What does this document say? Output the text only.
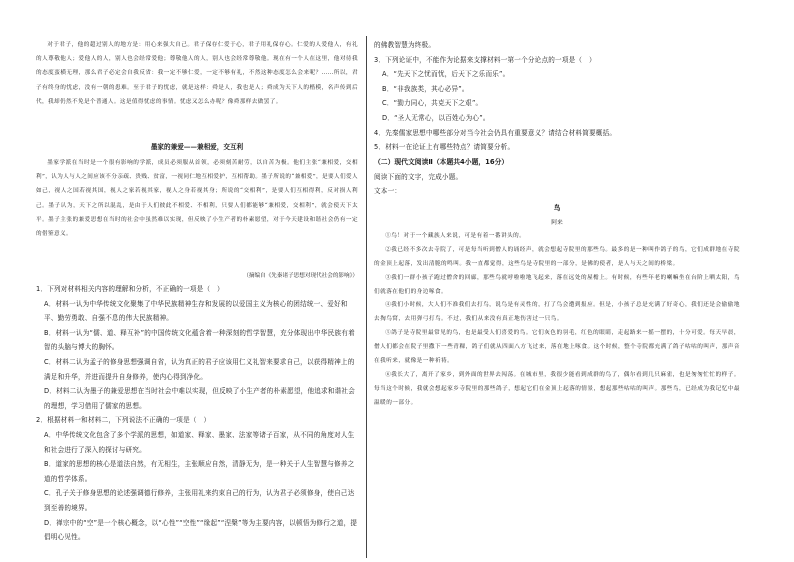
对于君子，他的超过别人的地方是：用心来强大自己。君子保存仁爱于心，君子用礼保存心。仁爱的人爱他人，有礼的人尊敬他人；爱他人的人，别人也会经常爱他；尊敬他人的人，别人也会经常尊敬他。现在有一个人在这里，他对待我的态度蛮横无理，那么君子必定会自我反省：我一定不够仁爱，一定不够有礼，不然这种态度怎么会来呢？……所以，君子有终身的忧虑，没有一朝的患难。至于君子的忧虑，就是这样：舜是人，我也是人；舜成为天下人的楷模，名声传到后代，我却仍然不免是个普通人。这是值得忧虑的事情。忧虑又怎么办呢？像舜那样去做罢了。

墨家的兼爱——兼相爱，交互利

墨家学派在当时是一个很有影响的学派，成员必须服从首领，必须刻苦耐劳，以自苦为极。他们主张“兼相爱，交相利”，认为人与人之间应该不分亲疏、贵贱、贫富，一视同仁地互相爱护，互相帮助。墨子所说的“兼相爱”，是要人们爱人如己，视人之国若视其国，视人之家若视其家，视人之身若视其身；所说的“交相利”，是要人们互相得利，反对损人利己。墨子认为，天下之所以混乱，是由于人们彼此不相爱、不相利，只要人们都能够“兼相爱，交相利”，就会使天下太平。墨子主张的兼爱思想在当时的社会中虽然难以实现，但反映了小生产者的朴素愿望，对于今天建设和谐社会仍有一定的借鉴意义。

（摘编自《先秦诸子思想对现代社会的影响》）

1．下列对材料相关内容的理解和分析，不正确的一项是（　）

A．材料一认为中华传统文化聚集了中华民族精神生存和发展的以爱国主义为核心的团结统一、爱好和平、勤劳勇敢、自强不息的伟大民族精神。

B．材料一认为“儒、道、释互补”的中国传统文化蕴含着一种深刻的哲学智慧，充分体现出中华民族有着智的头脑与博大的胸怀。

C．材料二认为孟子的修身思想强调自省，认为真正的君子应该用仁义礼智来要求自己，以获得精神上的满足和升华，并进而提升自身修养，使内心得到净化。

D．材料二认为墨子的兼爱思想在当时社会中难以实现，但反映了小生产者的朴素愿望，他追求和谐社会的理想，学习借用了儒家的思想。

2．根据材料一和材料二，下列说法不正确的一项是（　）

A．中华传统文化包含了多个学派的思想，如道家、释家、墨家、法家等诸子百家，从不同的角度对人生和社会进行了深入的探讨与研究。

B．道家的思想的核心是道法自然，有无相生，主张顺应自然，清静无为，是一种关于人生智慧与修养之道的哲学体系。

C．孔子关于修身思想的论述强调德行修养，主张用礼来约束自己的行为，认为君子必须修身，使自己达到至善的境界。

D．禅宗中的“空”是一个核心概念，以“心性”“空性”“缘起”“涅槃”等为主要内容，以顿悟为修行之道，提倡明心见性。

的佛教智慧为终极。

3．下列论证中，不能作为论据来支撑材料一第一个分论点的一项是（　）

A．“先天下之忧而忧，后天下之乐而乐”。

B．“非我族类，其心必异”。

C．“勠力同心，共克天下之艰”。

D．“圣人无常心，以百姓心为心”。

4．先秦儒家思想中哪些部分对当今社会仍具有重要意义？请结合材料简要概括。

5．材料一在论证上有哪些特点？请简要分析。

（二）现代文阅读Ⅱ（本题共4小题，16分）

阅读下面的文字，完成小题。

文本一：

鸟

阿来

①鸟！对于一个藏族人来说，可是有着一番讲头的。

②我已经不多次去寺院了，可是每当听到僧人的诵经声，就会想起寺院里的那些鸟。最多的是一种叫作鸽子的鸟，它们成群地在寺院的金顶上起落，发出清脆的鸣叫。我一直都觉得，这些鸟是寺院里的一部分，是佛的使者，是人与天之间的桥梁。

③我们一群小孩子跑过僧舍的回廊，那些鸟就呼啦啦地飞起来，落在远处的屋檐上。有时候，有些年老的喇嘛坐在台阶上晒太阳，鸟们就落在他们的身边啄食。

④我们小时候，大人们不准我们去打鸟，说鸟是有灵性的，打了鸟会遭到报应。但是，小孩子总是充满了好奇心，我们还是会偷偷地去掏鸟窝，去用弹弓打鸟。不过，我们从来没有真正地伤害过一只鸟。

⑤鸽子是寺院里最常见的鸟，也是最受人们喜爱的鸟。它们灰色的羽毛，红色的眼睛，走起路来一摇一摆的，十分可爱。每天早晨，僧人们都会在院子里撒下一些青稞，鸽子们就从四面八方飞过来，落在地上啄食。这个时候，整个寺院都充满了鸽子咕咕的叫声，那声音在我听来，就像是一种祈祷。

⑥我长大了，离开了家乡，到外面的世界去闯荡。在城市里，我很少能看到成群的鸟了，偶尔看到几只麻雀，也是匆匆忙忙的样子。每当这个时候，我就会想起家乡寺院里的那些鸽子，想起它们在金顶上起落的情景，想起那些咕咕的叫声。那些鸟，已经成为我记忆中最温暖的一部分。
